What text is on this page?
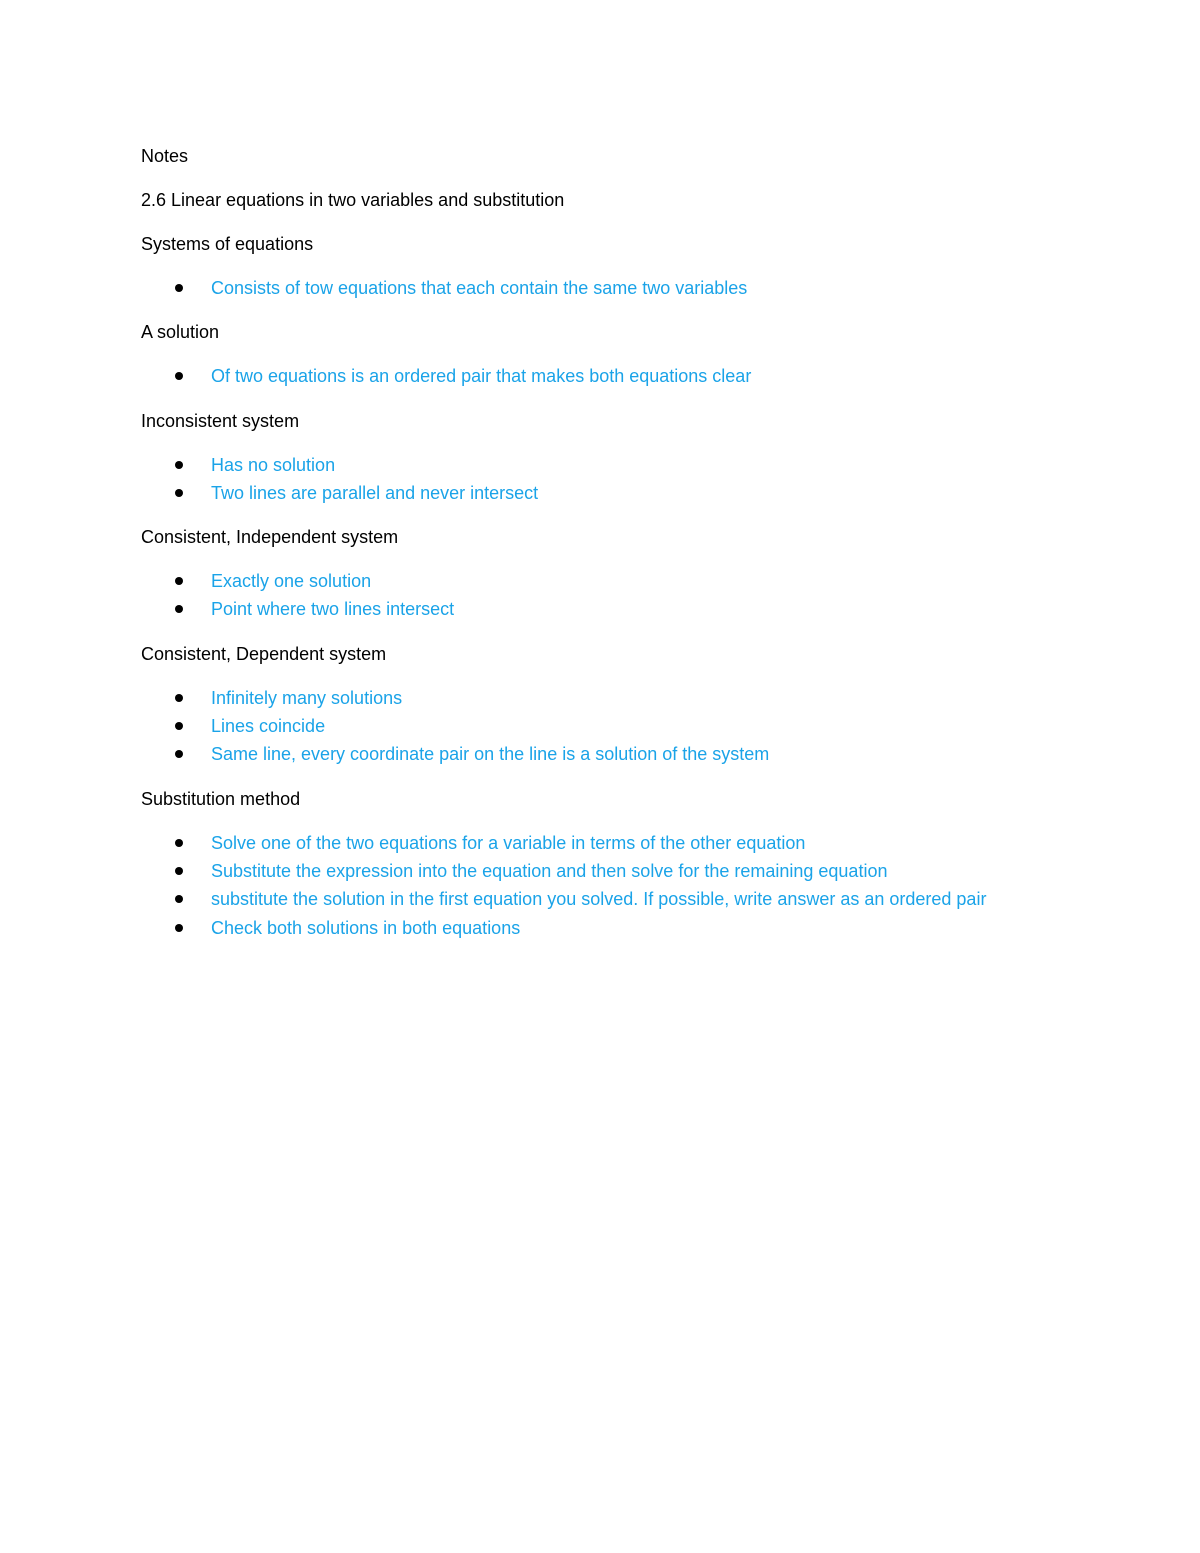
Notes
2.6 Linear equations in two variables and substitution
Systems of equations
Consists of tow equations that each contain the same two variables
A solution
Of two equations is an ordered pair that makes both equations clear
Inconsistent system
Has no solution
Two lines are parallel and never intersect
Consistent, Independent system
Exactly one solution
Point where two lines intersect
Consistent, Dependent system
Infinitely many solutions
Lines coincide
Same line, every coordinate pair on the line is a solution of the system
Substitution method
Solve one of the two equations for a variable in terms of the other equation
Substitute the expression into the equation and then solve for the remaining equation
substitute the solution in the first equation you solved. If possible, write answer as an ordered pair
Check both solutions in both equations
